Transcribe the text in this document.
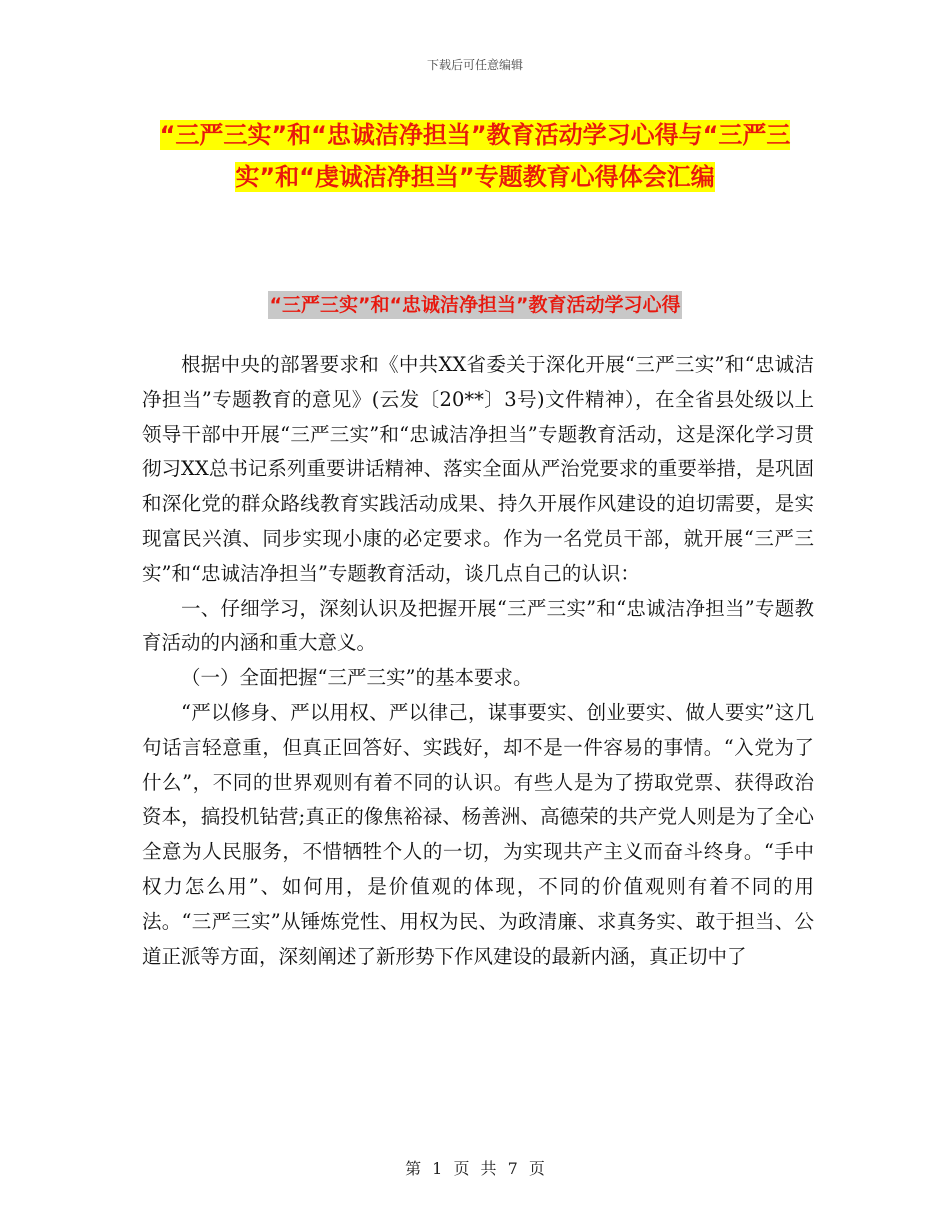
下载后可任意编辑
“三严三实”和“忠诚洁净担当”教育活动学习心得与“三严三实”和“虔诚洁净担当”专题教育心得体会汇编
“三严三实”和“忠诚洁净担当”教育活动学习心得

根据中央的部署要求和《中共XX省委关于深化开展“三严三实”和“忠诚洁净担当”专题教育的意见》(云发〔20**〕3号)文件精神），在全省县处级以上领导干部中开展“三严三实”和“忠诚洁净担当”专题教育活动，这是深化学习贯彻习XX总书记系列重要讲话精神、落实全面从严治党要求的重要举措，是巩固和深化党的群众路线教育实践活动成果、持久开展作风建设的迫切需要，是实现富民兴滇、同步实现小康的必定要求。作为一名党员干部，就开展“三严三实”和“忠诚洁净担当”专题教育活动，谈几点自己的认识：

一、仔细学习，深刻认识及把握开展“三严三实”和“忠诚洁净担当”专题教育活动的内涵和重大意义。

（一）全面把握“三严三实”的基本要求。

“严以修身、严以用权、严以律己，谋事要实、创业要实、做人要实”这几句话言轻意重，但真正回答好、实践好，却不是一件容易的事情。“入党为了什么”，不同的世界观则有着不同的认识。有些人是为了捞取党票、获得政治资本，搞投机钻营;真正的像焦裕禄、杨善洲、高德荣的共产党人则是为了全心全意为人民服务，不惜牺牲个人的一切，为实现共产主义而奋斗终身。“手中权力怎么用”、如何用，是价值观的体现，不同的价值观则有着不同的用法。“三严三实”从锤炼党性、用权为民、为政清廉、求真务实、敢于担当、公道正派等方面，深刻阐述了新形势下作风建设的最新内涵，真正切中了

第 1 页 共 7 页
